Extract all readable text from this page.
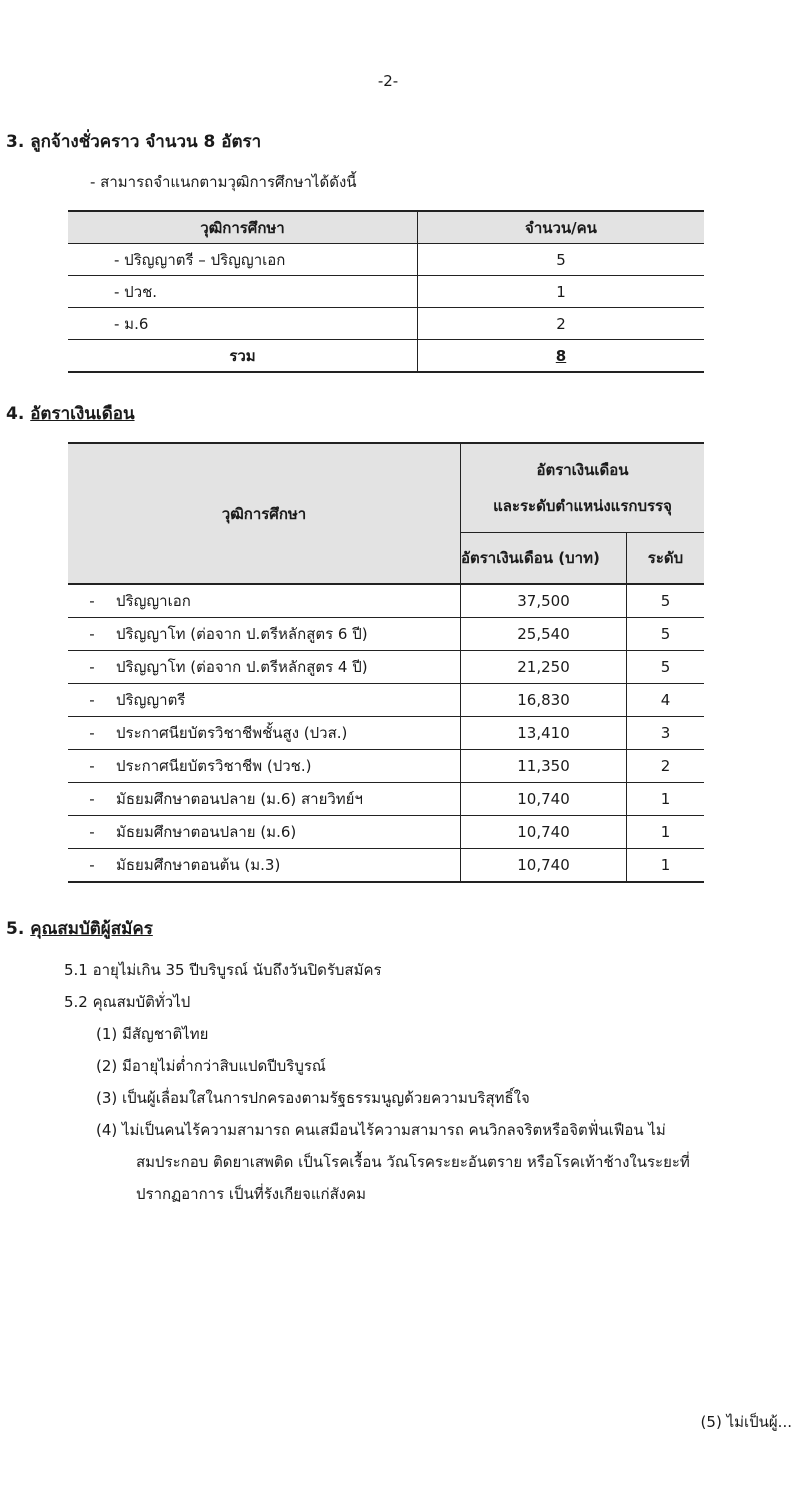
-2-
3. ลูกจ้างชั่วคราว จำนวน 8 อัตรา
- สามารถจำแนกตามวุฒิการศึกษาได้ดังนี้
วุฒิการศึกษา	จำนวน/คน
- ปริญญาตรี – ปริญญาเอก	5
- ปวช.	1
- ม.6	2
รวม	8
4. อัตราเงินเดือน
วุฒิการศึกษา		อัตราเงินเดือน
และระดับตำแหน่งแรกบรรจุ	

		อัตราเงินเดือน (บาท)	ระดับ
-	ปริญญาเอก	37,500	5
-	ปริญญาโท (ต่อจาก ป.ตรีหลักสูตร 6 ปี)	25,540	5
-	ปริญญาโท (ต่อจาก ป.ตรีหลักสูตร 4 ปี)	21,250	5
-	ปริญญาตรี	16,830	4
-	ประกาศนียบัตรวิชาชีพชั้นสูง (ปวส.)	13,410	3
-	ประกาศนียบัตรวิชาชีพ (ปวช.)	11,350	2
-	มัธยมศึกษาตอนปลาย (ม.6) สายวิทย์ฯ	10,740	1
-	มัธยมศึกษาตอนปลาย (ม.6)	10,740	1
-	มัธยมศึกษาตอนต้น (ม.3)	10,740	1
5. คุณสมบัติผู้สมัคร
5.1 อายุไม่เกิน 35 ปีบริบูรณ์ นับถึงวันปิดรับสมัคร
5.2 คุณสมบัติทั่วไป
(1) มีสัญชาติไทย
(2) มีอายุไม่ต่ำกว่าสิบแปดปีบริบูรณ์
(3) เป็นผู้เลื่อมใสในการปกครองตามรัฐธรรมนูญด้วยความบริสุทธิ์ใจ
(4) ไม่เป็นคนไร้ความสามารถ คนเสมือนไร้ความสามารถ คนวิกลจริตหรือจิตฟั่นเฟือน ไม่
สมประกอบ ติดยาเสพติด เป็นโรคเรื้อน วัณโรคระยะอันตราย หรือโรคเท้าช้างในระยะที่
ปรากฏอาการ เป็นที่รังเกียจแก่สังคม
(5) ไม่เป็นผู้...
